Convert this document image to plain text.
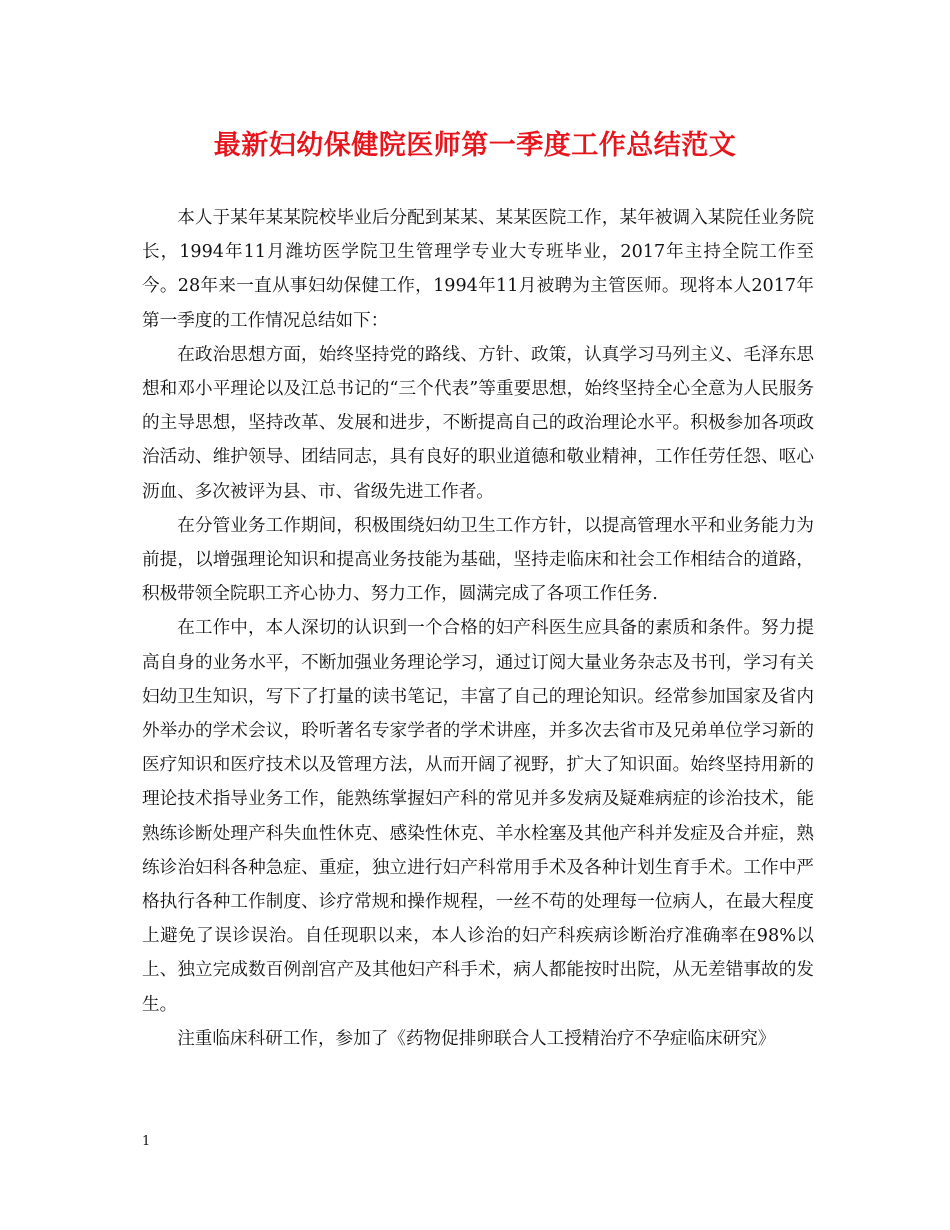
最新妇幼保健院医师第一季度工作总结范文

本人于某年某某院校毕业后分配到某某、某某医院工作，某年被调入某院任业务院长，1994年11月潍坊医学院卫生管理学专业大专班毕业，2017年主持全院工作至今。28年来一直从事妇幼保健工作，1994年11月被聘为主管医师。现将本人2017年第一季度的工作情况总结如下：

在政治思想方面，始终坚持党的路线、方针、政策，认真学习马列主义、毛泽东思想和邓小平理论以及江总书记的“三个代表”等重要思想，始终坚持全心全意为人民服务的主导思想，坚持改革、发展和进步，不断提高自己的政治理论水平。积极参加各项政治活动、维护领导、团结同志，具有良好的职业道德和敬业精神，工作任劳任怨、呕心沥血、多次被评为县、市、省级先进工作者。

在分管业务工作期间，积极围绕妇幼卫生工作方针，以提高管理水平和业务能力为前提，以增强理论知识和提高业务技能为基础，坚持走临床和社会工作相结合的道路，积极带领全院职工齐心协力、努力工作，圆满完成了各项工作任务.

在工作中，本人深切的认识到一个合格的妇产科医生应具备的素质和条件。努力提高自身的业务水平，不断加强业务理论学习，通过订阅大量业务杂志及书刊，学习有关妇幼卫生知识，写下了打量的读书笔记，丰富了自己的理论知识。经常参加国家及省内外举办的学术会议，聆听著名专家学者的学术讲座，并多次去省市及兄弟单位学习新的医疗知识和医疗技术以及管理方法，从而开阔了视野，扩大了知识面。始终坚持用新的理论技术指导业务工作，能熟练掌握妇产科的常见并多发病及疑难病症的诊治技术，能熟练诊断处理产科失血性休克、感染性休克、羊水栓塞及其他产科并发症及合并症，熟练诊治妇科各种急症、重症，独立进行妇产科常用手术及各种计划生育手术。工作中严格执行各种工作制度、诊疗常规和操作规程，一丝不苟的处理每一位病人，在最大程度上避免了误诊误治。自任现职以来，本人诊治的妇产科疾病诊断治疗准确率在98%以上、独立完成数百例剖宫产及其他妇产科手术，病人都能按时出院，从无差错事故的发生。

注重临床科研工作，参加了《药物促排卵联合人工授精治疗不孕症临床研究》

1
